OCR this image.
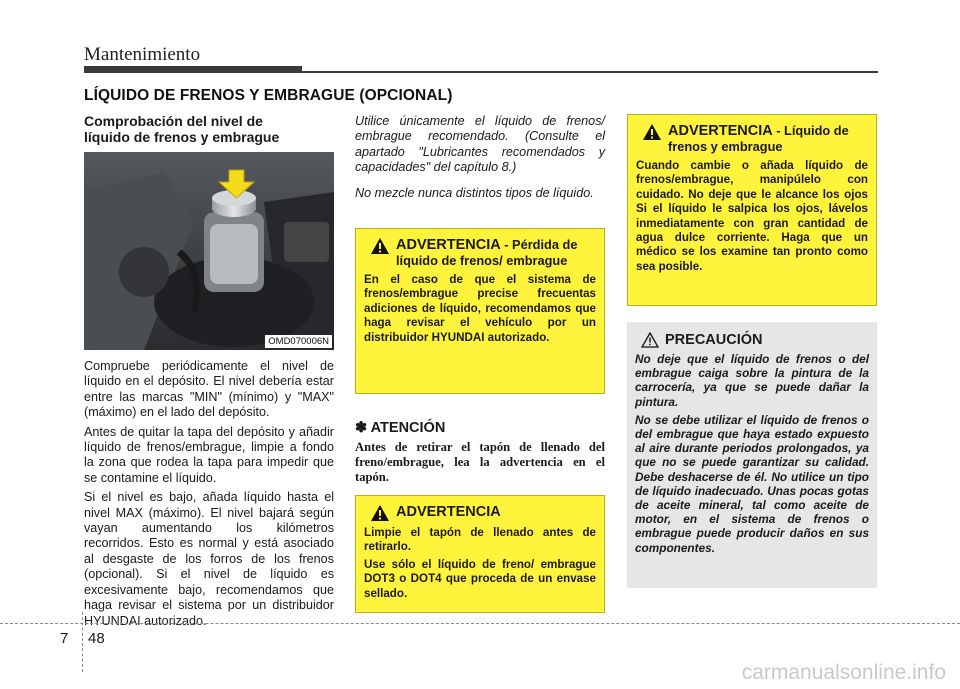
Mantenimiento
LÍQUIDO DE FRENOS Y EMBRAGUE (OPCIONAL)
Comprobación del nivel de
líquido de frenos y embrague
OMD070006N

Compruebe periódicamente el nivel de líquido en el depósito. El nivel debería estar entre las marcas "MIN" (mínimo) y "MAX" (máximo) en el lado del depósito.

Antes de quitar la tapa del depósito y añadir líquido de frenos/embrague, limpie a fondo la zona que rodea la tapa para impedir que se contamine el líquido.

Si el nivel es bajo, añada líquido hasta el nivel MAX (máximo). El nivel bajará según vayan aumentando los kilómetros recorridos. Esto es normal y está asociado al desgaste de los forros de los frenos (opcional). Si el nivel de líquido es excesivamente bajo, recomendamos que haga revisar el sistema por un distribuidor HYUNDAI autorizado.

Utilice únicamente el líquido de frenos/ embrague recomendado. (Consulte el apartado "Lubricantes recomendados y capacidades" del capítulo 8.)

No mezcle nunca distintos tipos de líquido.

ADVERTENCIA - Pérdida de líquido de frenos/ embrague
En el caso de que el sistema de frenos/embrague precise frecuentas adiciones de líquido, recomendamos que haga revisar el vehículo por un distribuidor HYUNDAI autorizado.
✽ ATENCIÓN
Antes de retirar el tapón de llenado del freno/embrague, lea la advertencia en el tapón.
ADVERTENCIA

Limpie el tapón de llenado antes de retirarlo.

Use sólo el líquido de freno/ embrague DOT3 o DOT4 que proceda de un envase sellado.

ADVERTENCIA - Líquido de frenos y embrague
Cuando cambie o añada líquido de frenos/embrague, manipúlelo con cuidado. No deje que le alcance los ojos Si el líquido le salpica los ojos, lávelos inmediatamente con gran cantidad de agua dulce corriente. Haga que un médico se los examine tan pronto como sea posible.
PRECAUCIÓN

No deje que el líquido de frenos o del embrague caiga sobre la pintura de la carrocería, ya que se puede dañar la pintura.

No se debe utilizar el líquido de frenos o del embrague que haya estado expuesto al aire durante periodos prolongados, ya que no se puede garantizar su calidad. Debe deshacerse de él. No utilice un tipo de líquido inadecuado. Unas pocas gotas de aceite mineral, tal como aceite de motor, en el sistema de frenos o embrague puede producir daños en sus componentes.

7 48
carmanualsonline.info
